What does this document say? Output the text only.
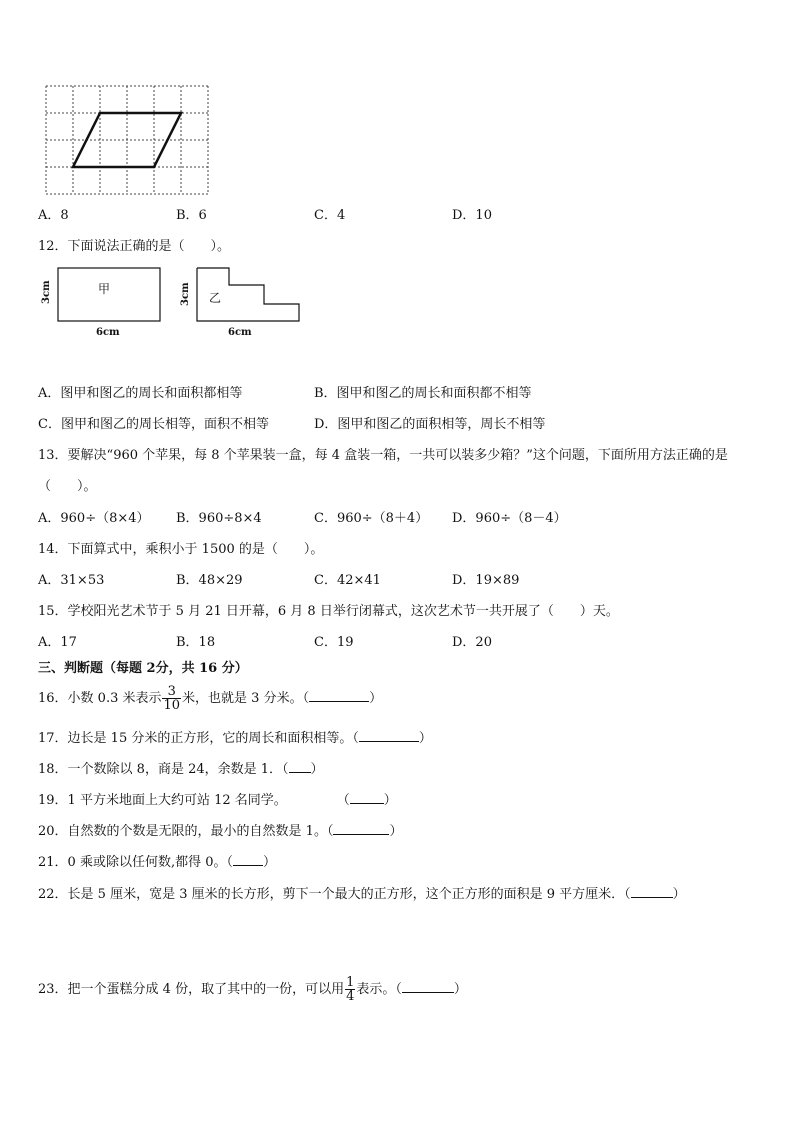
A．8	B．6	C．4	D．10
12．下面说法正确的是（　　）。
甲
3cm
6cm
乙
3cm
6cm
A．图甲和图乙的周长和面积都相等	B．图甲和图乙的周长和面积都不相等
C．图甲和图乙的周长相等，面积不相等	D．图甲和图乙的面积相等，周长不相等
13．要解决“960 个苹果，每 8 个苹果装一盒，每 4 盒装一箱，一共可以装多少箱？”这个问题，下面所用方法正确的是
（　　）。
A．960÷（8×4） B．960÷8×4	C．960÷（8＋4） D．960÷（8－4）
14．下面算式中，乘积小于 1500 的是（　　）。
A．31×53	B．48×29	C．42×41	D．19×89
15．学校阳光艺术节于 5 月 21 日开幕，6 月 8 日举行闭幕式，这次艺术节一共开展了（　　）天。
A．17	B．18	C．19	D．20
三、判断题（每题 2分，共 16 分）
16．小数 0.3 米表示 $\frac{3}{10}$ 米，也就是 3 分米。（	）
17．边长是 15 分米的正方形，它的周长和面积相等。（	）
18．一个数除以 8，商是 24，余数是 1．（ ）
19．1 平方米地面上大约可站 12 名同学。	（	）
20．自然数的个数是无限的，最小的自然数是 1。（	）
21．0 乘或除以任何数,都得 0。（ ）
22．长是 5 厘米，宽是 3 厘米的长方形，剪下一个最大的正方形，这个正方形的面积是 9 平方厘米．（	）
23．把一个蛋糕分成 4 份，取了其中的一份，可以用 $\frac{1}{4}$ 表示。（	）
